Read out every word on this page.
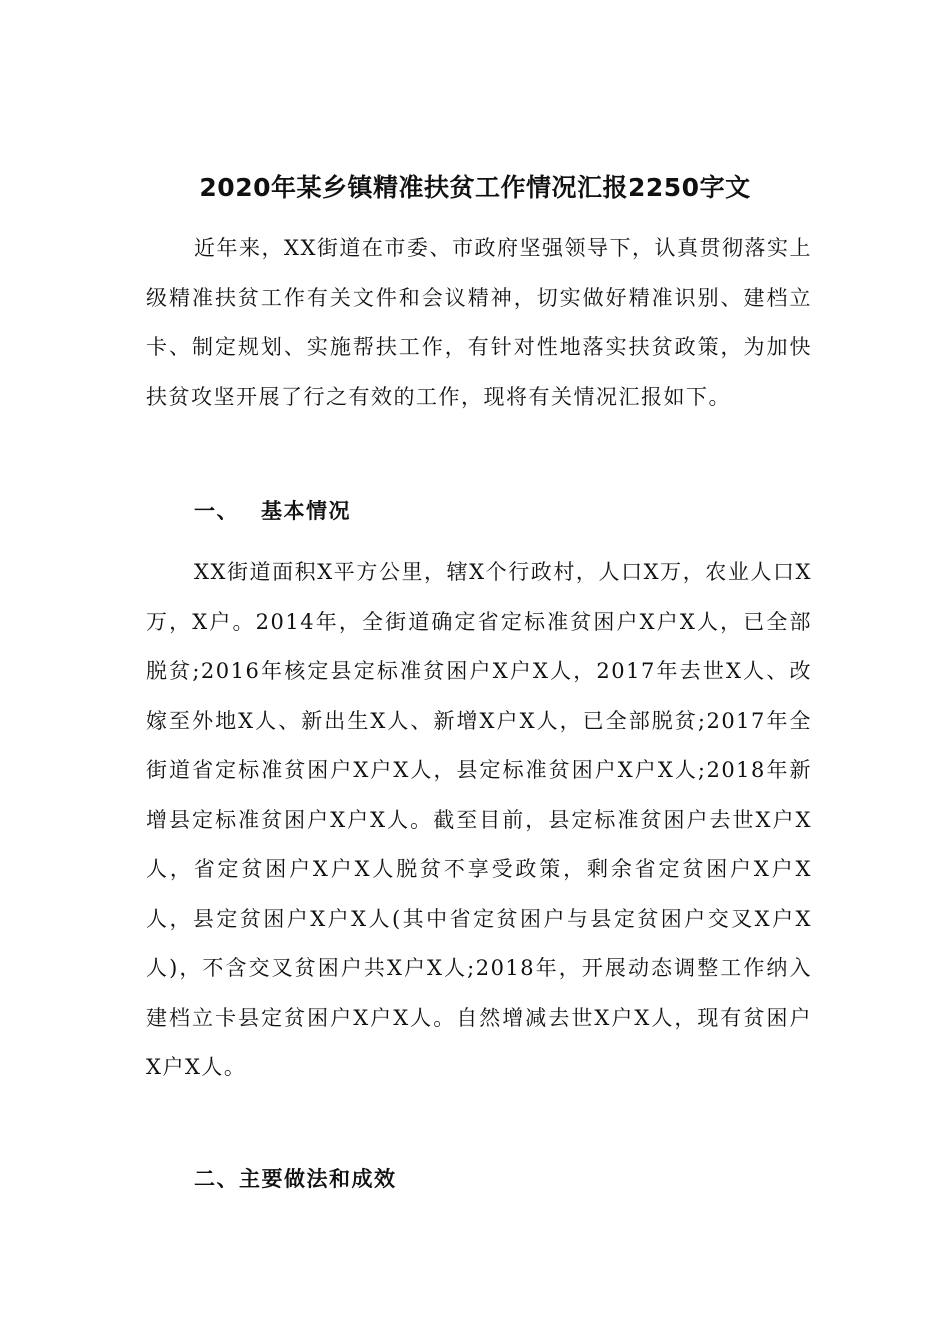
2020年某乡镇精准扶贫工作情况汇报2250字文

近年来，XX街道在市委、市政府坚强领导下，认真贯彻落实上级精准扶贫工作有关文件和会议精神，切实做好精准识别、建档立卡、制定规划、实施帮扶工作，有针对性地落实扶贫政策，为加快扶贫攻坚开展了行之有效的工作，现将有关情况汇报如下。

一、 基本情况

XX街道面积X平方公里，辖X个行政村，人口X万，农业人口X万，X户。2014年，全街道确定省定标准贫困户X户X人，已全部脱贫;2016年核定县定标准贫困户X户X人，2017年去世X人、改嫁至外地X人、新出生X人、新增X户X人，已全部脱贫;2017年全街道省定标准贫困户X户X人，县定标准贫困户X户X人;2018年新增县定标准贫困户X户X人。截至目前，县定标准贫困户去世X户X人，省定贫困户X户X人脱贫不享受政策，剩余省定贫困户X户X人，县定贫困户X户X人(其中省定贫困户与县定贫困户交叉X户X人)，不含交叉贫困户共X户X人;2018年，开展动态调整工作纳入建档立卡县定贫困户X户X人。自然增减去世X户X人，现有贫困户X户X人。

二、主要做法和成效
